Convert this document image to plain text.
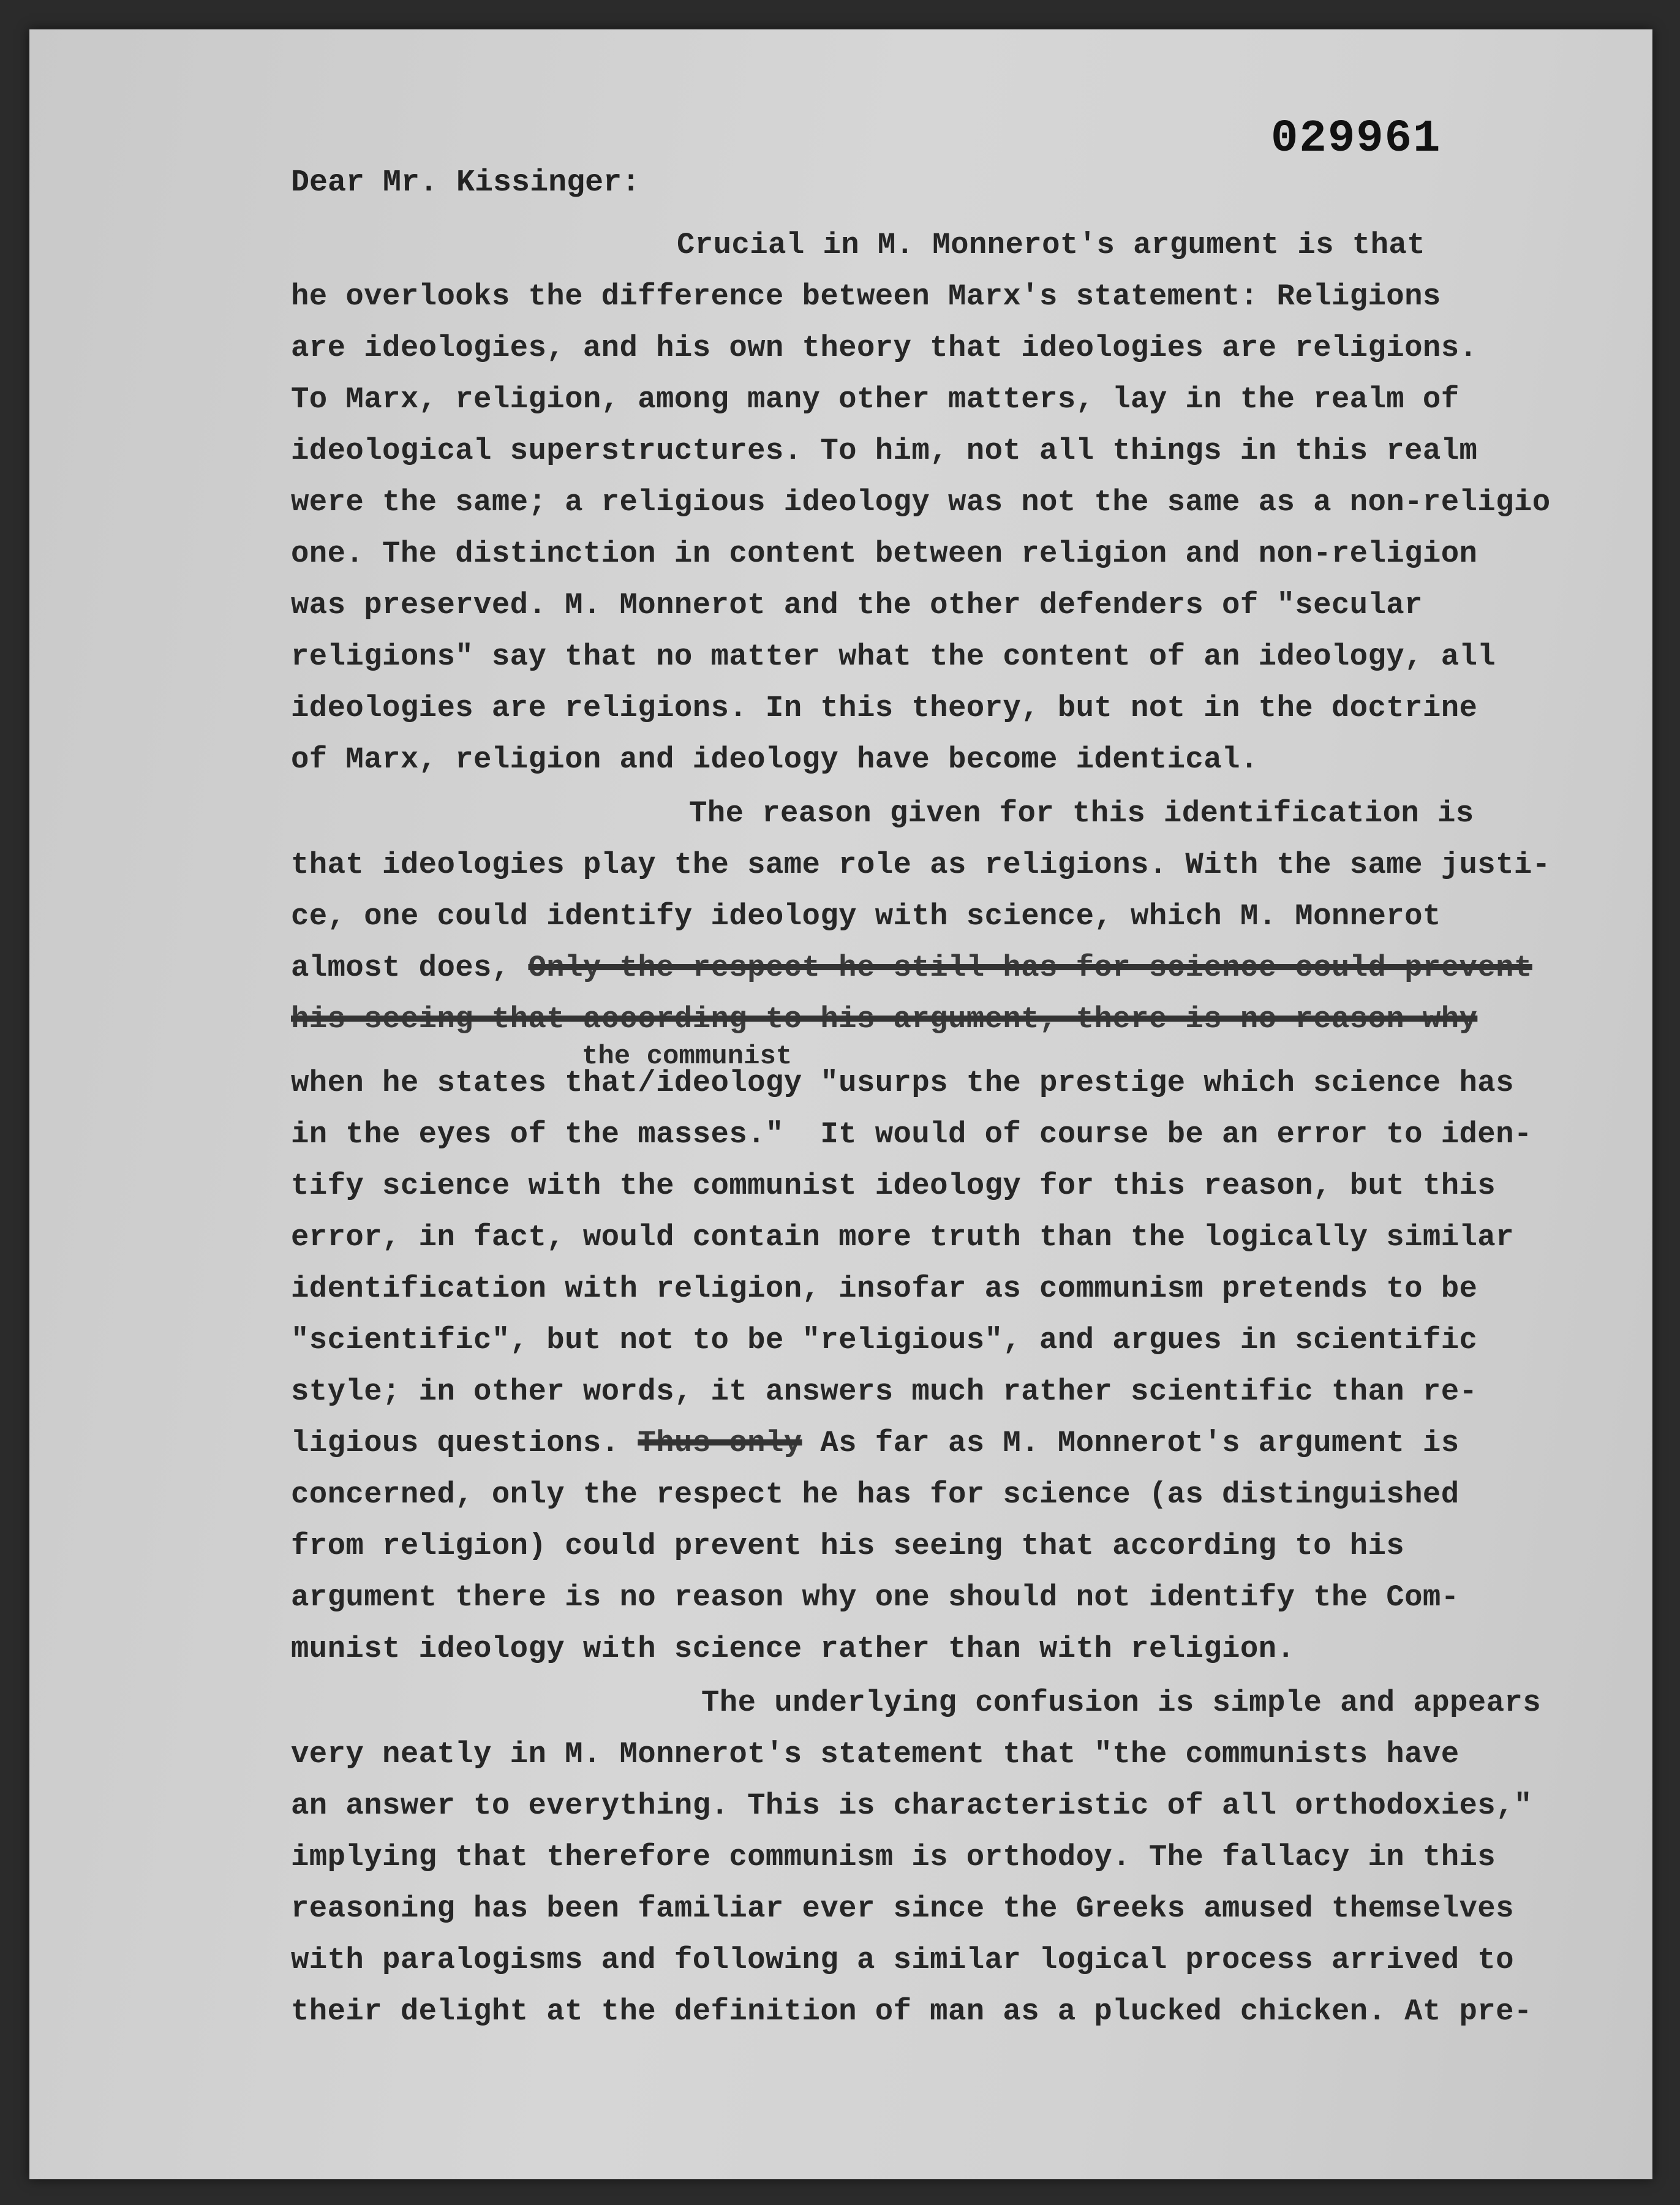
029961
Dear Mr. Kissinger:
Crucial in M. Monnerot's argument is that
he overlooks the difference between Marx's statement: Religions
are ideologies, and his own theory that ideologies are religions.
To Marx, religion, among many other matters, lay in the realm of
ideological superstructures. To him, not all things in this realm
were the same; a religious ideology was not the same as a non-religio
one. The distinction in content between religion and non-religion
was preserved. M. Monnerot and the other defenders of "secular
religions" say that no matter what the content of an ideology, all
ideologies are religions. In this theory, but not in the doctrine
of Marx, religion and ideology have become identical.
The reason given for this identification is
that ideologies play the same role as religions. With the same justi-
ce, one could identify ideology with science, which M. Monnerot
almost does, Only the respect he still has for science could prevent
his seeing that according to his argument, there is no reason why
the communist
when he states that/ideology "usurps the prestige which science has
in the eyes of the masses."  It would of course be an error to iden-
tify science with the communist ideology for this reason, but this
error, in fact, would contain more truth than the logically similar
identification with religion, insofar as communism pretends to be
"scientific", but not to be "religious", and argues in scientific
style; in other words, it answers much rather scientific than re-
ligious questions. Thus only As far as M. Monnerot's argument is
concerned, only the respect he has for science (as distinguished
from religion) could prevent his seeing that according to his
argument there is no reason why one should not identify the Com-
munist ideology with science rather than with religion.
The underlying confusion is simple and appears
very neatly in M. Monnerot's statement that "the communists have
an answer to everything. This is characteristic of all orthodoxies,"
implying that therefore communism is orthodoy. The fallacy in this
reasoning has been familiar ever since the Greeks amused themselves
with paralogisms and following a similar logical process arrived to
their delight at the definition of man as a plucked chicken. At pre-
